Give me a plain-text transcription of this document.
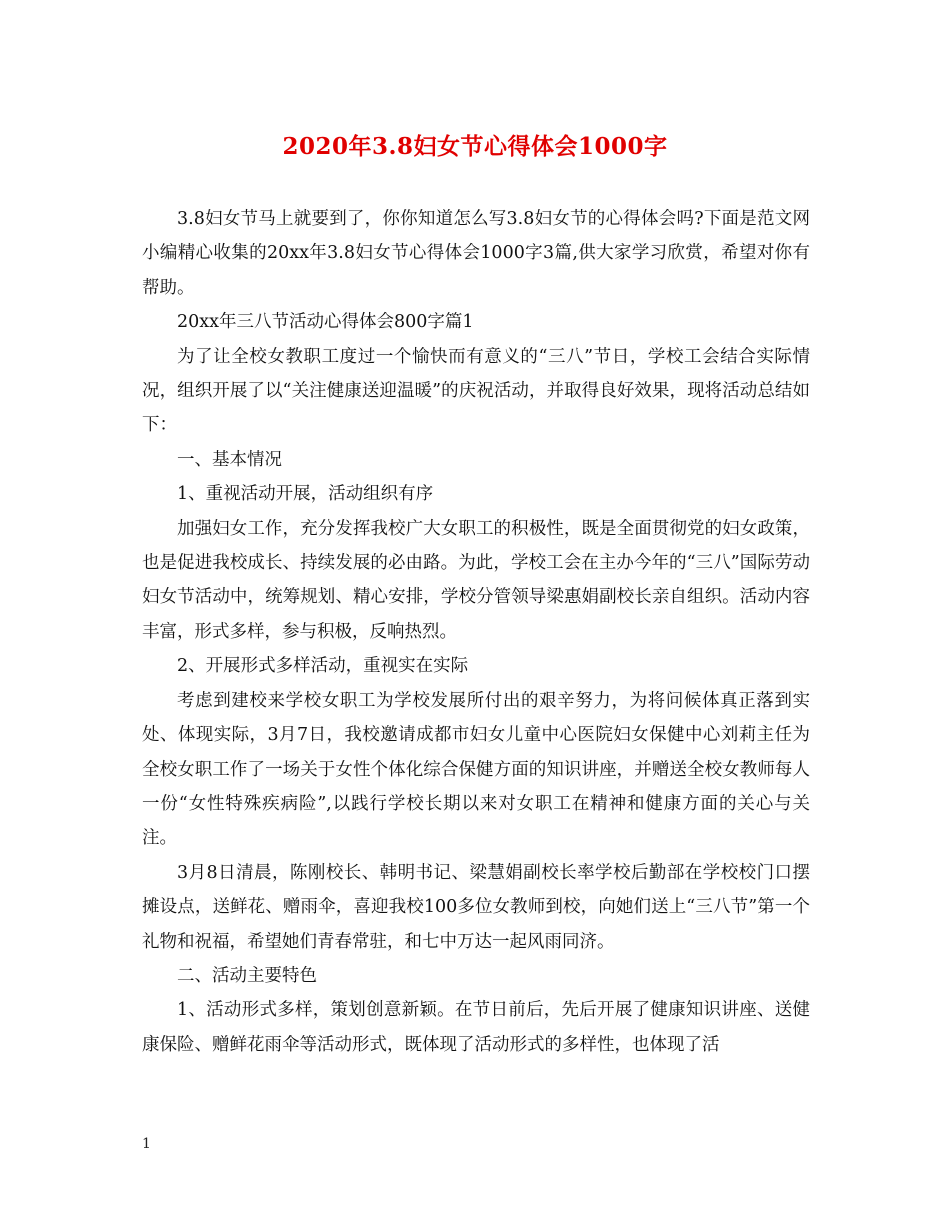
2020年3.8妇女节心得体会1000字

3.8妇女节马上就要到了，你你知道怎么写3.8妇女节的心得体会吗?下面是范文网小编精心收集的20xx年3.8妇女节心得体会1000字3篇,供大家学习欣赏，希望对你有帮助。

20xx年三八节活动心得体会800字篇1

为了让全校女教职工度过一个愉快而有意义的“三八”节日，学校工会结合实际情况，组织开展了以“关注健康送迎温暖”的庆祝活动，并取得良好效果，现将活动总结如下：

一、基本情况

1、重视活动开展，活动组织有序

加强妇女工作，充分发挥我校广大女职工的积极性，既是全面贯彻党的妇女政策，也是促进我校成长、持续发展的必由路。为此，学校工会在主办今年的“三八”国际劳动妇女节活动中，统筹规划、精心安排，学校分管领导梁惠娟副校长亲自组织。活动内容丰富，形式多样，参与积极，反响热烈。

2、开展形式多样活动，重视实在实际

考虑到建校来学校女职工为学校发展所付出的艰辛努力，为将问候体真正落到实处、体现实际，3月7日，我校邀请成都市妇女儿童中心医院妇女保健中心刘莉主任为全校女职工作了一场关于女性个体化综合保健方面的知识讲座，并赠送全校女教师每人一份“女性特殊疾病险”,以践行学校长期以来对女职工在精神和健康方面的关心与关注。

3月8日清晨，陈刚校长、韩明书记、梁慧娟副校长率学校后勤部在学校校门口摆摊设点，送鲜花、赠雨伞，喜迎我校100多位女教师到校，向她们送上“三八节”第一个礼物和祝福，希望她们青春常驻，和七中万达一起风雨同济。

二、活动主要特色

1、活动形式多样，策划创意新颖。在节日前后，先后开展了健康知识讲座、送健康保险、赠鲜花雨伞等活动形式，既体现了活动形式的多样性，也体现了活

1
